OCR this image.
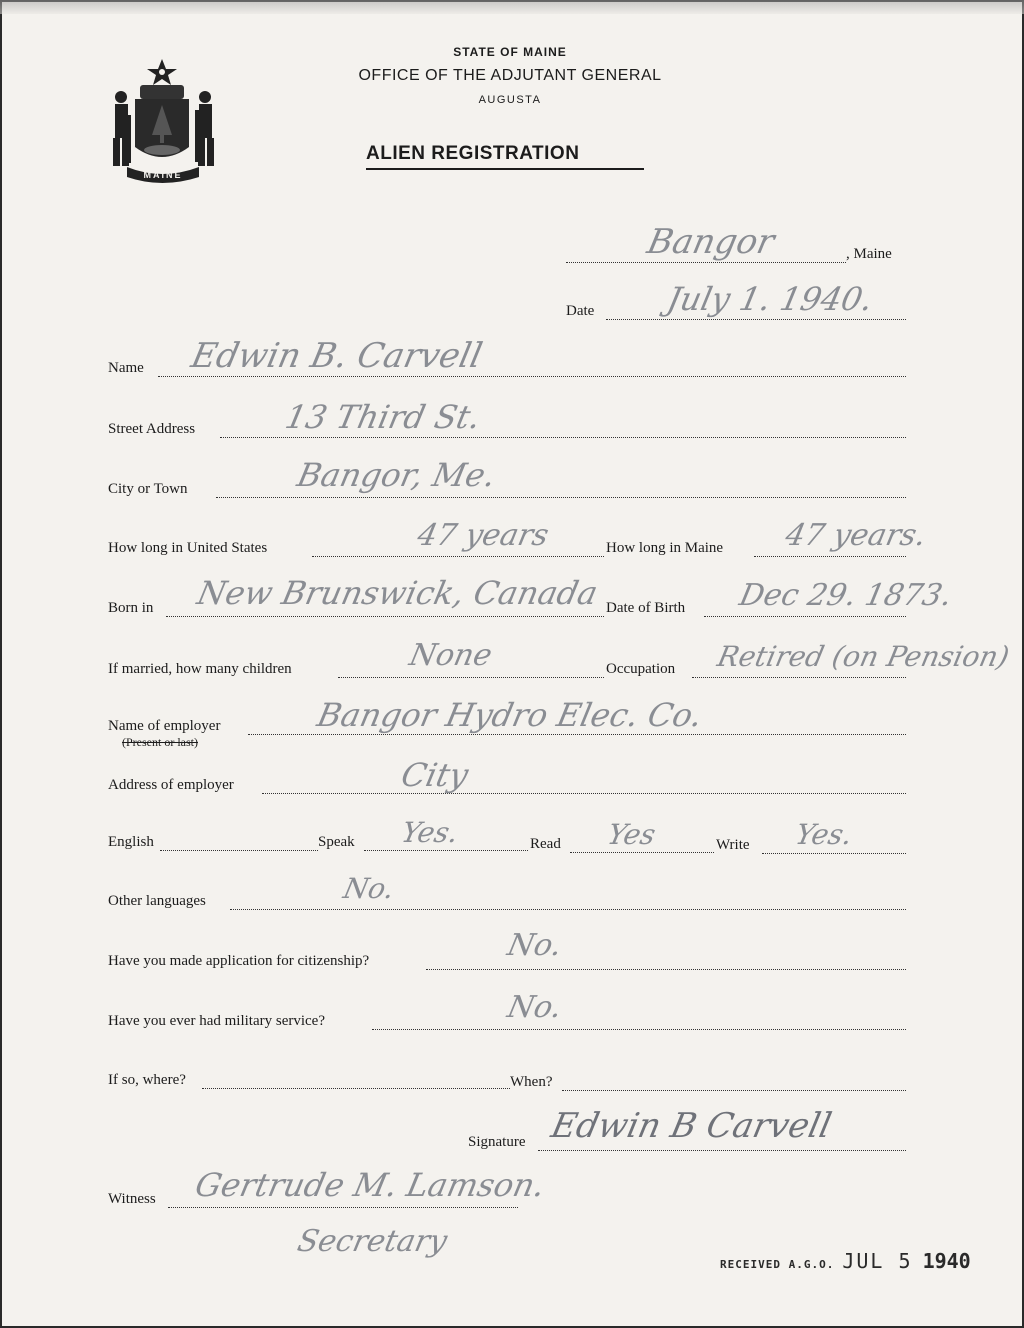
MAINE
STATE OF MAINE
OFFICE OF THE ADJUTANT GENERAL
AUGUSTA
ALIEN REGISTRATION
Bangor	, Maine
Date July 1. 1940.
Name Edwin B. Carvell
Street Address	13 Third St.
City or Town	Bangor, Me.
How long in United States	47 years	How long in Maine 47 years.
Born in New Brunswick, Canada Date of Birth Dec 29. 1873.
If married, how many children	None	Occupation Retired (on Pension)
Name of employer
(Present or last)
Bangor Hydro Elec. Co.
Address of employer	City
English	Speak Yes.	Read Yes	Write Yes.
Other languages	No.
Have you made application for citizenship?	No.
Have you ever had military service?	No.
If so, where?	When?
Signature Edwin B Carvell
Witness Gertrude M. Lamson.
Secretary
RECEIVED A.G.O. JUL 5 1940
